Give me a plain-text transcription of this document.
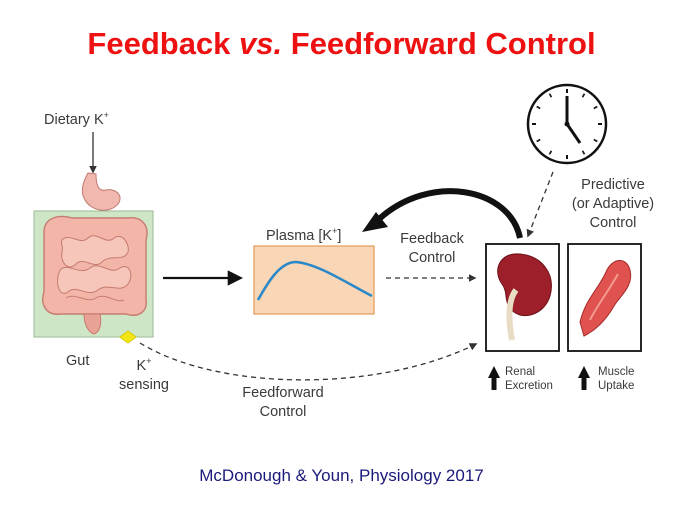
Feedback vs. Feedforward Control
Dietary K+
Plasma [K+]	Feedback
Control
Predictive
(or Adaptive)
Control
Gut	K+
sensing
Feedforward
Control
Renal
Excretion
Muscle
Uptake
McDonough & Youn, Physiology 2017
